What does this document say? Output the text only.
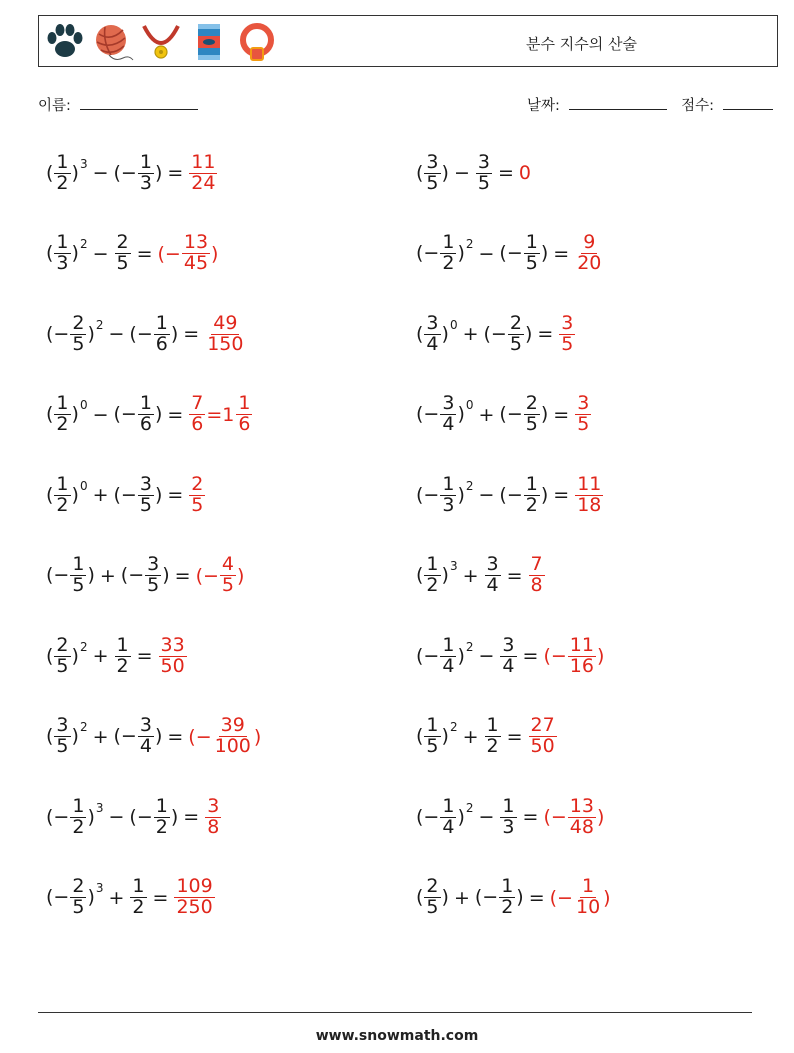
분수 지수의 산술
이름:	날짜:	점수:
( $\frac{1}{2} )^3$ − (− $\frac{1}{3}$ ) = $\frac{11}{24}$
( $\frac{1}{3} )^2 - \frac{2}{5}$ = (− $\frac{13}{45}$ )
(− $\frac{2}{5} )^2$ − (− $\frac{1}{6}$ ) = $\frac{49}{150}$
( $\frac{1}{2} )^0$ − (− $\frac{1}{6}$ ) = $\frac{7}{6} = 1 \frac{1}{6}$
( $\frac{1}{2} )^0$ + (− $\frac{3}{5}$ ) = $\frac{2}{5}$
(− $\frac{1}{5}$ ) + (− $\frac{3}{5}$ ) = (− $\frac{4}{5}$ )
( $\frac{2}{5} )^2 + \frac{1}{2} = \frac{33}{50}$
( $\frac{3}{5} )^2$ + (− $\frac{3}{4}$ ) = (− $\frac{39}{100}$ )
(− $\frac{1}{2} )^3$ − (− $\frac{1}{2}$ ) = $\frac{3}{8}$
(− $\frac{2}{5} )^3 + \frac{1}{2} = \frac{109}{250}$
( $\frac{3}{5}$ ) − $\frac{3}{5} = 0$
(− $\frac{1}{2} )^2$ − (− $\frac{1}{5}$ ) = $\frac{9}{20}$
( $\frac{3}{4} )^0$ + (− $\frac{2}{5}$ ) = $\frac{3}{5}$
(− $\frac{3}{4} )^0$ + (− $\frac{2}{5}$ ) = $\frac{3}{5}$
(− $\frac{1}{3} )^2$ − (− $\frac{1}{2}$ ) = $\frac{11}{18}$
( $\frac{1}{2} )^3 + \frac{3}{4} = \frac{7}{8}$
(− $\frac{1}{4} )^2 - \frac{3}{4}$ = (− $\frac{11}{16}$ )
( $\frac{1}{5} )^2 + \frac{1}{2} = \frac{27}{50}$
(− $\frac{1}{4} )^2 - \frac{1}{3}$ = (− $\frac{13}{48}$ )
( $\frac{2}{5}$ ) + (− $\frac{1}{2}$ ) = (− $\frac{1}{10}$ )
www.snowmath.com
